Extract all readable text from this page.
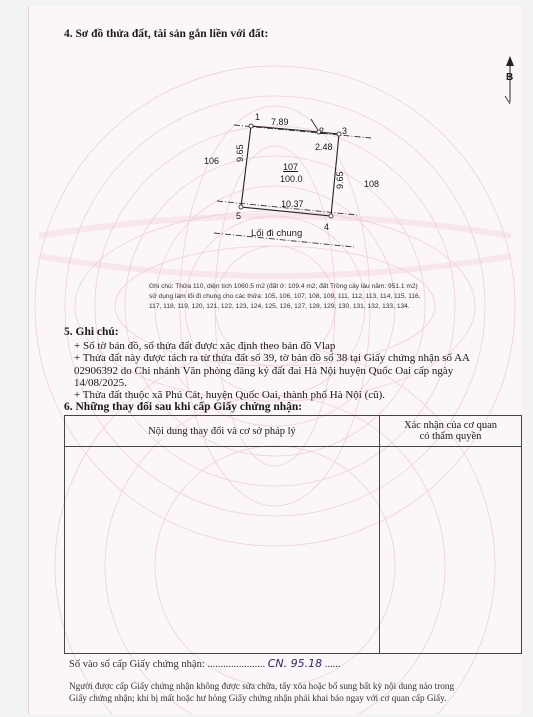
4. Sơ đồ thửa đất, tài sản gắn liền với đất:
B
1
2 3
4
5
7.89
2.48
9.65
9.65
10.37
107
100.0
106
108
Lối đi chung
Ghi chú: Thửa 110, diện tích 1060.5 m2 (đất ở: 109.4 m2; đất Trồng cây lâu năm: 951.1 m2)
sử dụng làm lối đi chung cho các thửa: 105, 106, 107, 108, 109, 111, 112, 113, 114, 115, 116,
117, 118, 119, 120, 121, 122, 123, 124, 125, 126, 127, 128, 129, 130, 131, 132, 133, 134.
5. Ghi chú:
+ Số tờ bản đồ, số thửa đất được xác định theo bản đồ Vlap
+ Thửa đất này được tách ra từ thửa đất số 39, tờ bản đồ số 38 tại Giấy chứng nhận số AA
02906392 do Chi nhánh Văn phòng đăng ký đất đai Hà Nội huyện Quốc Oai cấp ngày
14/08/2025.
+ Thửa đất thuộc xã Phú Cát, huyện Quốc Oai, thành phố Hà Nội (cũ).
6. Những thay đổi sau khi cấp Giấy chứng nhận:
Nội dung thay đổi và cơ sở pháp lý	Xác nhận của cơ quan
có thẩm quyền

Số vào sổ cấp Giấy chứng nhận: ...................... CN. 95.18 ......
Người được cấp Giấy chứng nhận không được sửa chữa, tẩy xóa hoặc bổ sung bất kỳ nội dung nào trong
Giấy chứng nhận; khi bị mất hoặc hư hỏng Giấy chứng nhận phải khai báo ngay với cơ quan cấp Giấy.
